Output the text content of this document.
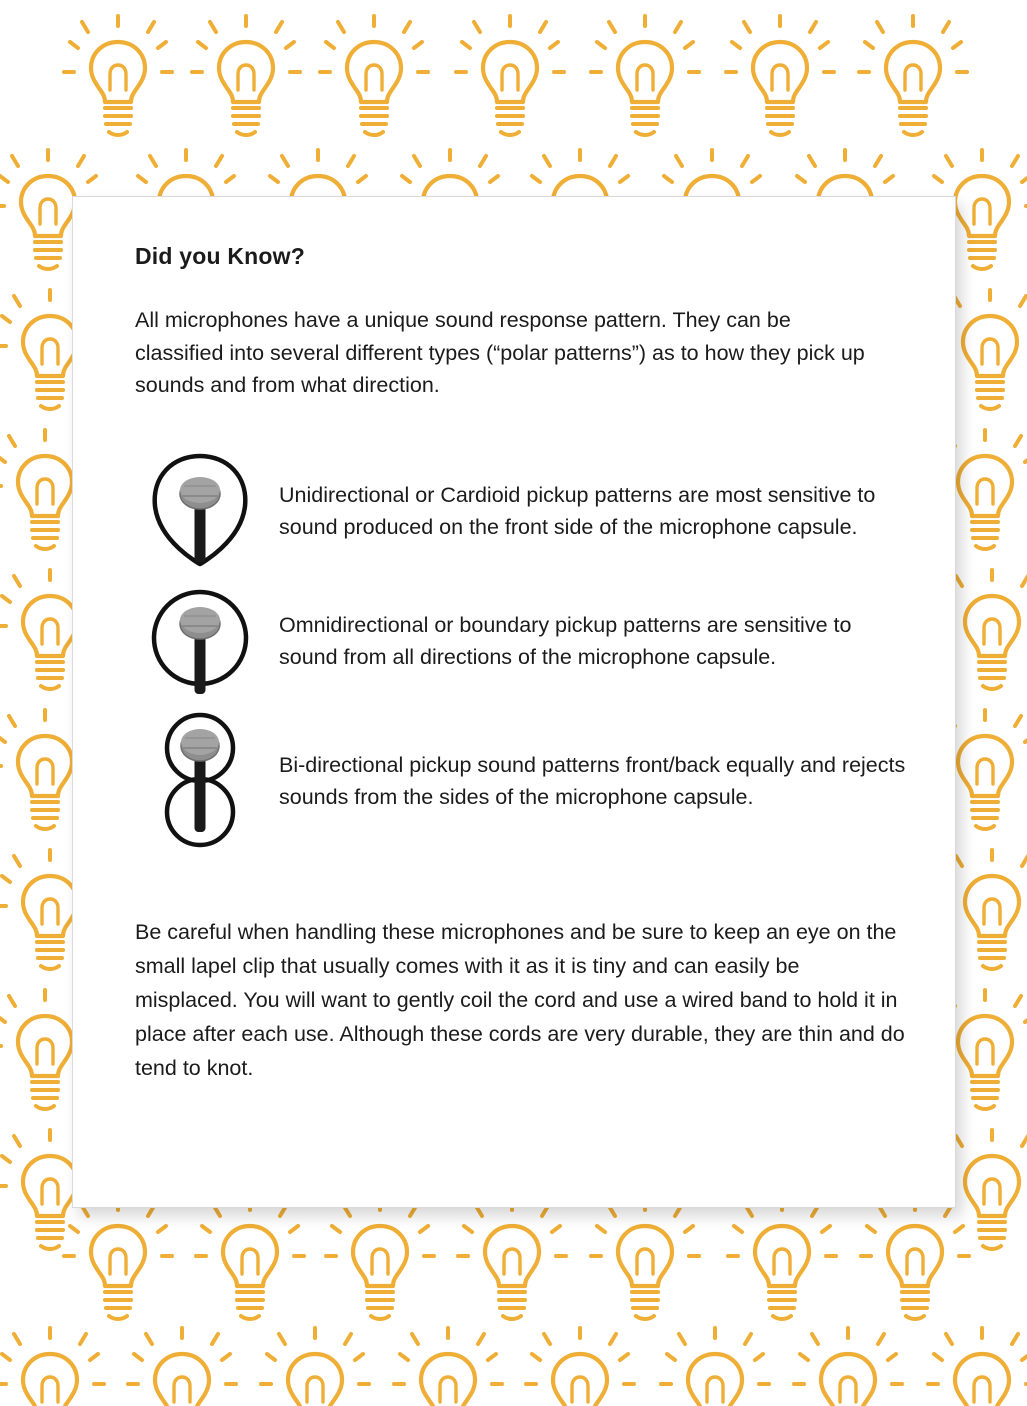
Did you Know?

All microphones have a unique sound response pattern. They can be classified into several different types (“polar patterns”) as to how they pick up sounds and from what direction.

Unidirectional or Cardioid pickup patterns are most sensitive to sound produced on the front side of the microphone capsule.
Omnidirectional or boundary pickup patterns are sensitive to sound from all directions of the microphone capsule.
Bi-directional pickup sound patterns front/back equally and rejects sounds from the sides of the microphone capsule.

Be careful when handling these microphones and be sure to keep an eye on the small lapel clip that usually comes with it as it is tiny and can easily be misplaced. You will want to gently coil the cord and use a wired band to hold it in place after each use. Although these cords are very durable, they are thin and do tend to knot.
